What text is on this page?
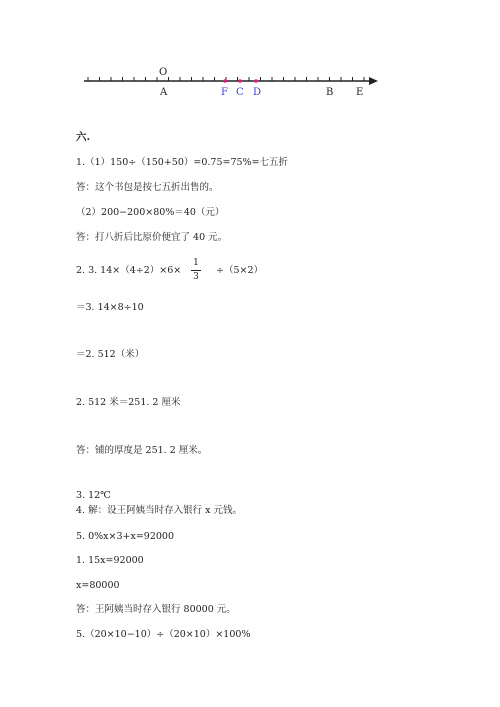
O
A	F C D	B E
六.
1.（1）150÷（150+50）=0.75=75%=七五折
答：这个书包是按七五折出售的。
（2）200−200×80%＝40（元）
答：打八折后比原价便宜了 40 元。
2. 3. 14×（4÷2）×6×
1
3
÷（5×2）
＝3. 14×8÷10
＝2. 512（米）
2. 512 米＝251. 2 厘米
答：铺的厚度是 251. 2 厘米。
3. 12℃
4. 解：设王阿姨当时存入银行 x 元钱。
5. 0%x×3+x=92000
1. 15x=92000
x=80000
答：王阿姨当时存入银行 80000 元。
5.（20×10−10）÷（20×10）×100%
